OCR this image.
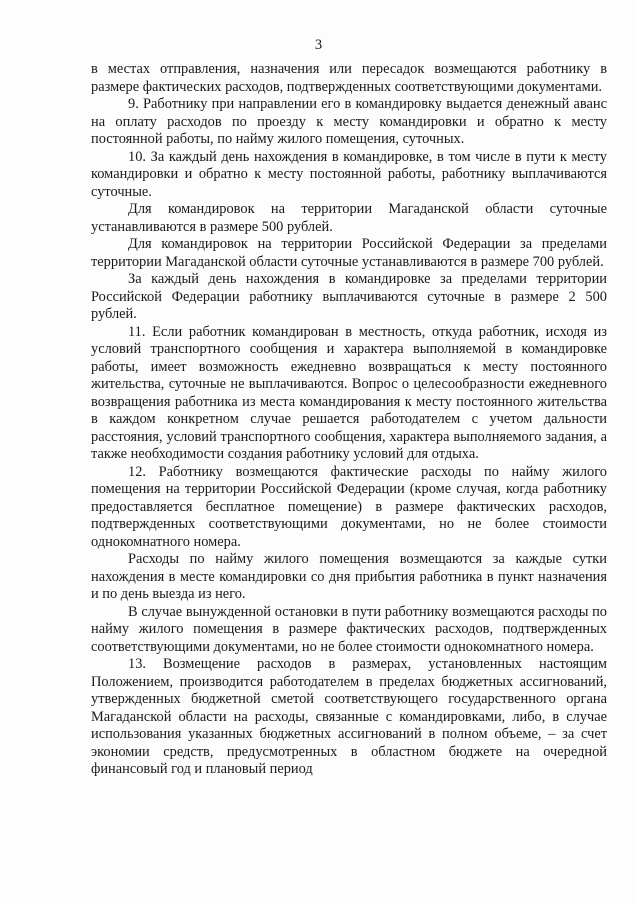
3

в местах отправления, назначения или пересадок возмещаются работнику в размере фактических расходов, подтвержденных соответствующими документами.

9. Работнику при направлении его в командировку выдается денежный аванс на оплату расходов по проезду к месту командировки и обратно к месту постоянной работы, по найму жилого помещения, суточных.

10. За каждый день нахождения в командировке, в том числе в пути к месту командировки и обратно к месту постоянной работы, работнику выплачиваются суточные.

Для командировок на территории Магаданской области суточные устанавливаются в размере 500 рублей.

Для командировок на территории Российской Федерации за пределами территории Магаданской области суточные устанавливаются в размере 700 рублей.

За каждый день нахождения в командировке за пределами территории Российской Федерации работнику выплачиваются суточные в размере 2 500 рублей.

11. Если работник командирован в местность, откуда работник, исходя из условий транспортного сообщения и характера выполняемой в командировке работы, имеет возможность ежедневно возвращаться к месту постоянного жительства, суточные не выплачиваются. Вопрос о целесообразности ежедневного возвращения работника из места командирования к месту постоянного жительства в каждом конкретном случае решается работодателем с учетом дальности расстояния, условий транспортного сообщения, характера выполняемого задания, а также необходимости создания работнику условий для отдыха.

12. Работнику возмещаются фактические расходы по найму жилого помещения на территории Российской Федерации (кроме случая, когда работнику предоставляется бесплатное помещение) в размере фактических расходов, подтвержденных соответствующими документами, но не более стоимости однокомнатного номера.

Расходы по найму жилого помещения возмещаются за каждые сутки нахождения в месте командировки со дня прибытия работника в пункт назначения и по день выезда из него.

В случае вынужденной остановки в пути работнику возмещаются расходы по найму жилого помещения в размере фактических расходов, подтвержденных соответствующими документами, но не более стоимости однокомнатного номера.

13. Возмещение расходов в размерах, установленных настоящим Положением, производится работодателем в пределах бюджетных ассигнований, утвержденных бюджетной сметой соответствующего государственного органа Магаданской области на расходы, связанные с командировками, либо, в случае использования указанных бюджетных ассигнований в полном объеме, – за счет экономии средств, предусмотренных в областном бюджете на очередной финансовый год и плановый период
